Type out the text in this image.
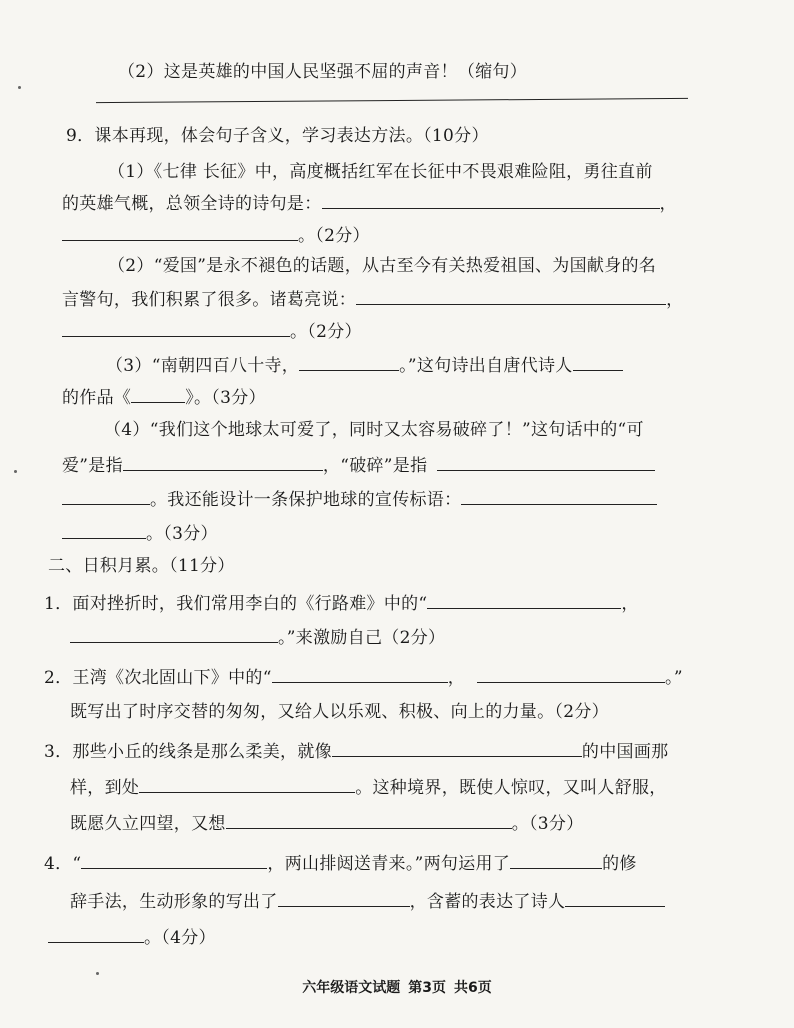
（2）这是英雄的中国人民坚强不屈的声音！（缩句）
9．课本再现，体会句子含义，学习表达方法。（10分）
（1）《七律 长征》中，高度概括红军在长征中不畏艰难险阻，勇往直前
的英雄气概，总领全诗的诗句是：	，
。（2分）
（2）“爱国”是永不褪色的话题，从古至今有关热爱祖国、为国献身的名
言警句，我们积累了很多。诸葛亮说：	，
。（2分）
（3）“南朝四百八十寺，	。”这句诗出自唐代诗人
的作品《	》。（3分）
（4）“我们这个地球太可爱了，同时又太容易破碎了！”这句话中的“可
爱”是指	，“破碎”是指
。我还能设计一条保护地球的宣传标语：
。（3分）
二、日积月累。（11分）
1．面对挫折时，我们常用李白的《行路难》中的“	，
。”来激励自己（2分）
2．王湾《次北固山下》中的“	，	。”
既写出了时序交替的匆匆，又给人以乐观、积极、向上的力量。（2分）
3．那些小丘的线条是那么柔美，就像	的中国画那
样，到处	。这种境界，既使人惊叹，又叫人舒服，
既愿久立四望，又想	。（3分）
4．“	，两山排闼送青来。”两句运用了	的修
辞手法，生动形象的写出了	，含蓄的表达了诗人
。（4分）
六年级语文试题 第3页 共6页
